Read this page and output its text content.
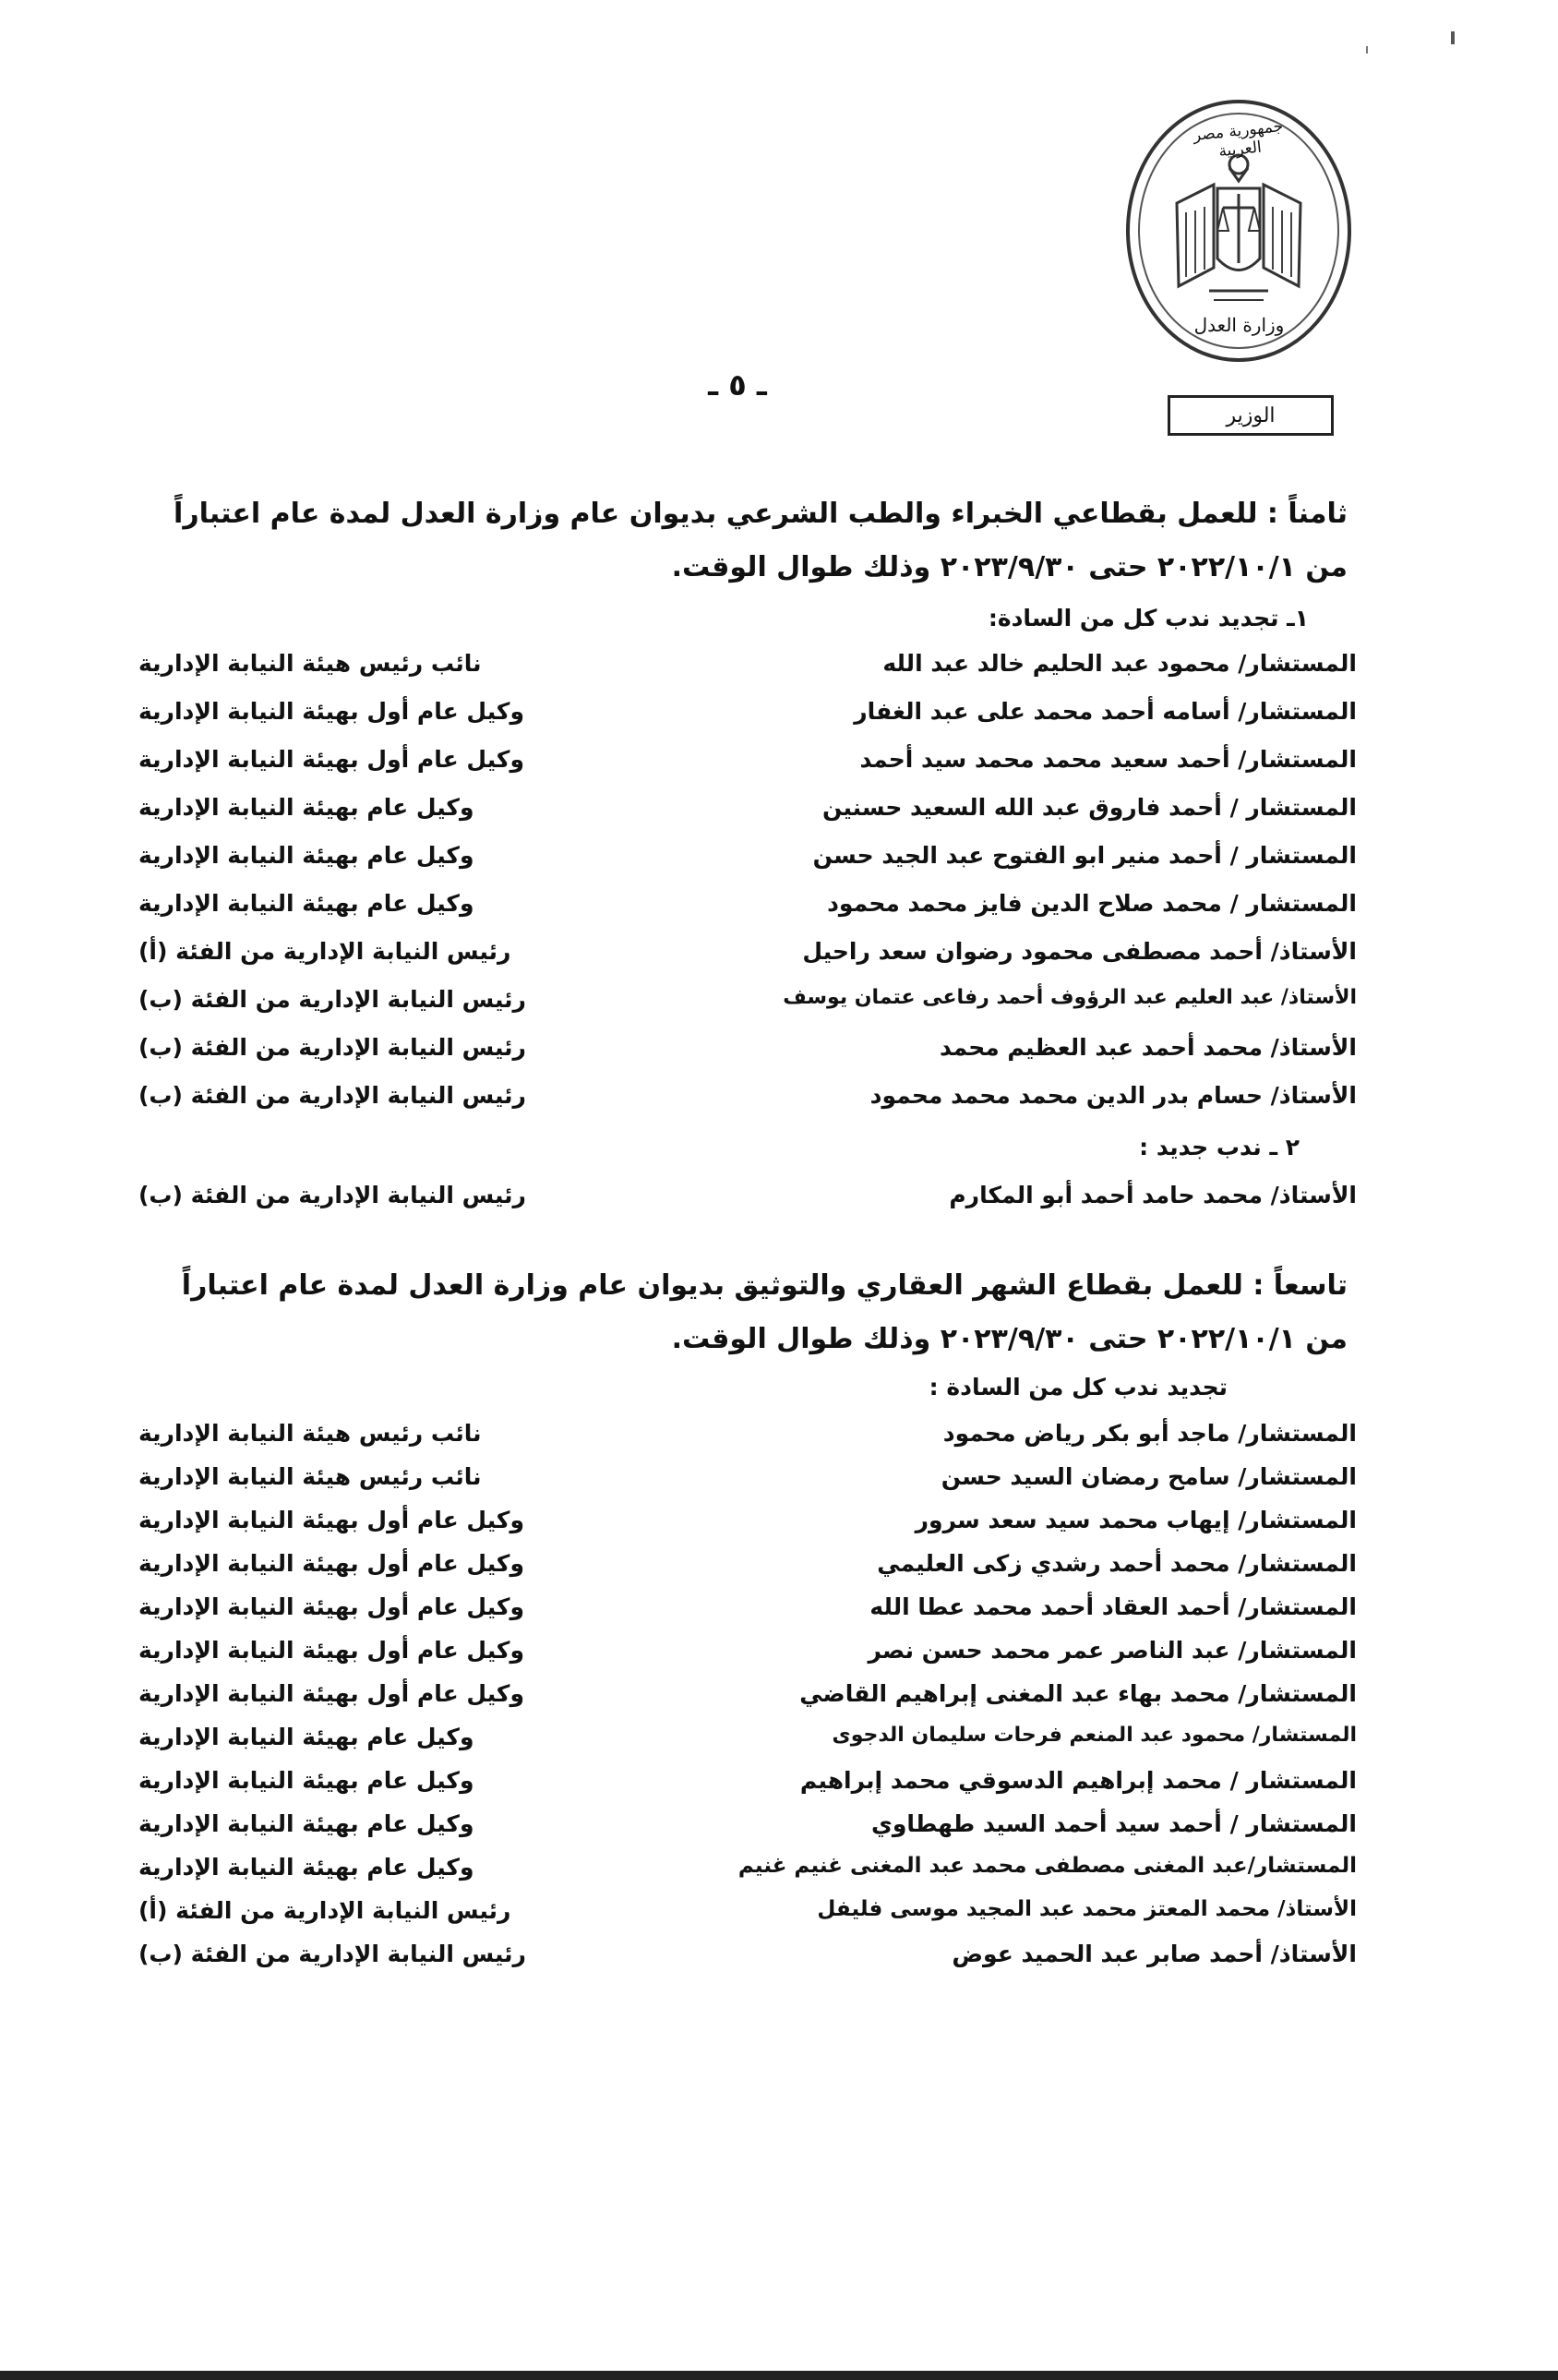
جمهورية مصر العربية
وزارة العدل
الوزير
ـ ٥ ـ
ثامناً : للعمل بقطاعي الخبراء والطب الشرعي بديوان عام وزارة العدل لمدة عام اعتباراً
من ٢٠٢٢/١٠/١ حتى ٢٠٢٣/٩/٣٠ وذلك طوال الوقت.
١ـ تجديد ندب كل من السادة:
المستشار/ محمود عبد الحليم خالد عبد الله
نائب رئيس هيئة النيابة الإدارية
المستشار/ أسامه أحمد محمد على عبد الغفار
وكيل عام أول بهيئة النيابة الإدارية
المستشار/ أحمد سعيد محمد محمد سيد أحمد
وكيل عام أول بهيئة النيابة الإدارية
المستشار / أحمد فاروق عبد الله السعيد حسنين
وكيل عام بهيئة النيابة الإدارية
المستشار / أحمد منير ابو الفتوح عبد الجيد حسن
وكيل عام بهيئة النيابة الإدارية
المستشار / محمد صلاح الدين فايز محمد محمود
وكيل عام بهيئة النيابة الإدارية
الأستاذ/ أحمد مصطفى محمود رضوان سعد راحيل
رئيس النيابة الإدارية من الفئة (أ)
الأستاذ/ عبد العليم عبد الرؤوف أحمد رفاعى عتمان يوسف
رئيس النيابة الإدارية من الفئة (ب)
الأستاذ/ محمد أحمد عبد العظيم محمد
رئيس النيابة الإدارية من الفئة (ب)
الأستاذ/ حسام بدر الدين محمد محمد محمود
رئيس النيابة الإدارية من الفئة (ب)
٢ ـ ندب جديد :
الأستاذ/ محمد حامد أحمد أبو المكارم
رئيس النيابة الإدارية من الفئة (ب)
تاسعاً : للعمل بقطاع الشهر العقاري والتوثيق بديوان عام وزارة العدل لمدة عام اعتباراً
من ٢٠٢٢/١٠/١ حتى ٢٠٢٣/٩/٣٠ وذلك طوال الوقت.
تجديد ندب كل من السادة :
المستشار/ ماجد أبو بكر رياض محمود
نائب رئيس هيئة النيابة الإدارية
المستشار/ سامح رمضان السيد حسن
نائب رئيس هيئة النيابة الإدارية
المستشار/ إيهاب محمد سيد سعد سرور
وكيل عام أول بهيئة النيابة الإدارية
المستشار/ محمد أحمد رشدي زكى العليمي
وكيل عام أول بهيئة النيابة الإدارية
المستشار/ أحمد العقاد أحمد محمد عطا الله
وكيل عام أول بهيئة النيابة الإدارية
المستشار/ عبد الناصر عمر محمد حسن نصر
وكيل عام أول بهيئة النيابة الإدارية
المستشار/ محمد بهاء عبد المغنى إبراهيم القاضي
وكيل عام أول بهيئة النيابة الإدارية
المستشار/ محمود عبد المنعم فرحات سليمان الدجوى
وكيل عام بهيئة النيابة الإدارية
المستشار / محمد إبراهيم الدسوقي محمد إبراهيم
وكيل عام بهيئة النيابة الإدارية
المستشار / أحمد سيد أحمد السيد طهطاوي
وكيل عام بهيئة النيابة الإدارية
المستشار/عبد المغنى مصطفى محمد عبد المغنى غنيم غنيم
وكيل عام بهيئة النيابة الإدارية
الأستاذ/ محمد المعتز محمد عبد المجيد موسى فليفل
رئيس النيابة الإدارية من الفئة (أ)
الأستاذ/ أحمد صابر عبد الحميد عوض
رئيس النيابة الإدارية من الفئة (ب)
